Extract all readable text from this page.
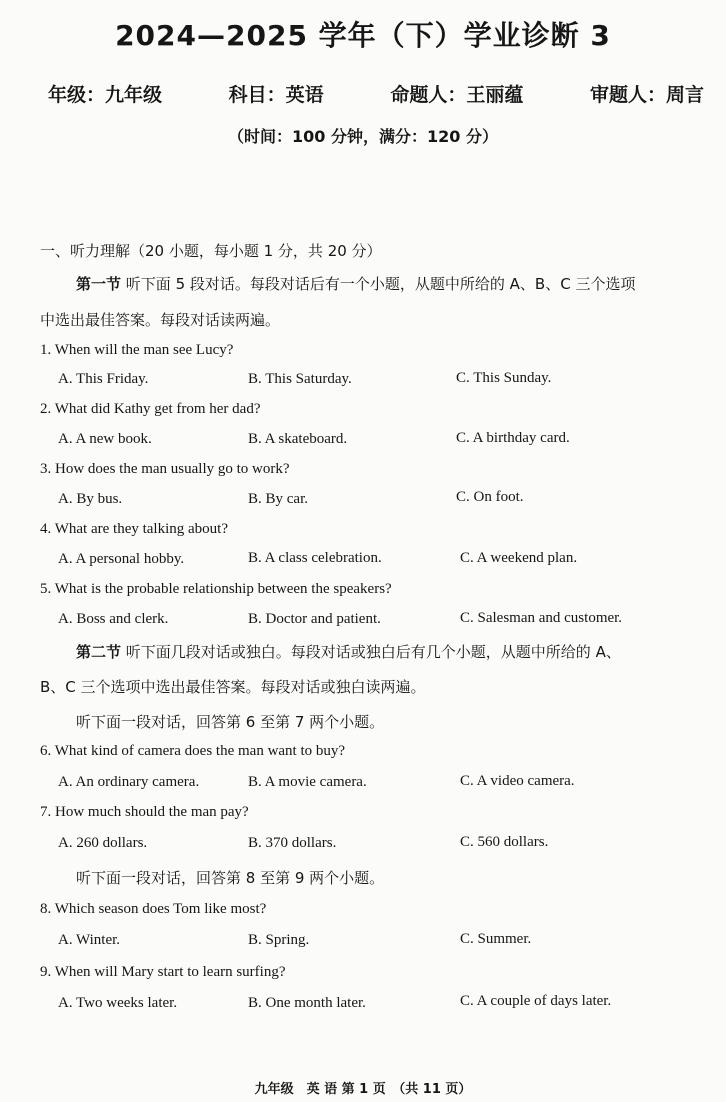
2024—2025 学年（下）学业诊断 3
年级：九年级	科目：英语	命题人：王丽蕴	审题人：周言
（时间：100 分钟，满分：120 分）
一、听力理解（20 小题，每小题 1 分，共 20 分）
第一节 听下面 5 段对话。每段对话后有一个小题，从题中所给的 A、B、C 三个选项
中选出最佳答案。每段对话读两遍。
1. When will the man see Lucy?
A. This Friday.	B. This Saturday.	C. This Sunday.
2. What did Kathy get from her dad?
A. A new book.	B. A skateboard.	C. A birthday card.
3. How does the man usually go to work?
A. By bus.	B. By car.	C. On foot.
4. What are they talking about?
A. A personal hobby.	B. A class celebration.	C. A weekend plan.
5. What is the probable relationship between the speakers?
A. Boss and clerk.	B. Doctor and patient.	C. Salesman and customer.
第二节 听下面几段对话或独白。每段对话或独白后有几个小题，从题中所给的 A、
B、C 三个选项中选出最佳答案。每段对话或独白读两遍。
听下面一段对话，回答第 6 至第 7 两个小题。
6. What kind of camera does the man want to buy?
A. An ordinary camera.	B. A movie camera.	C. A video camera.
7. How much should the man pay?
A. 260 dollars.	B. 370 dollars.	C. 560 dollars.
听下面一段对话，回答第 8 至第 9 两个小题。
8. Which season does Tom like most?
A. Winter.	B. Spring.	C. Summer.
9. When will Mary start to learn surfing?
A. Two weeks later.	B. One month later.	C. A couple of days later.
九年级　英 语 第 1 页　（共 11 页）
